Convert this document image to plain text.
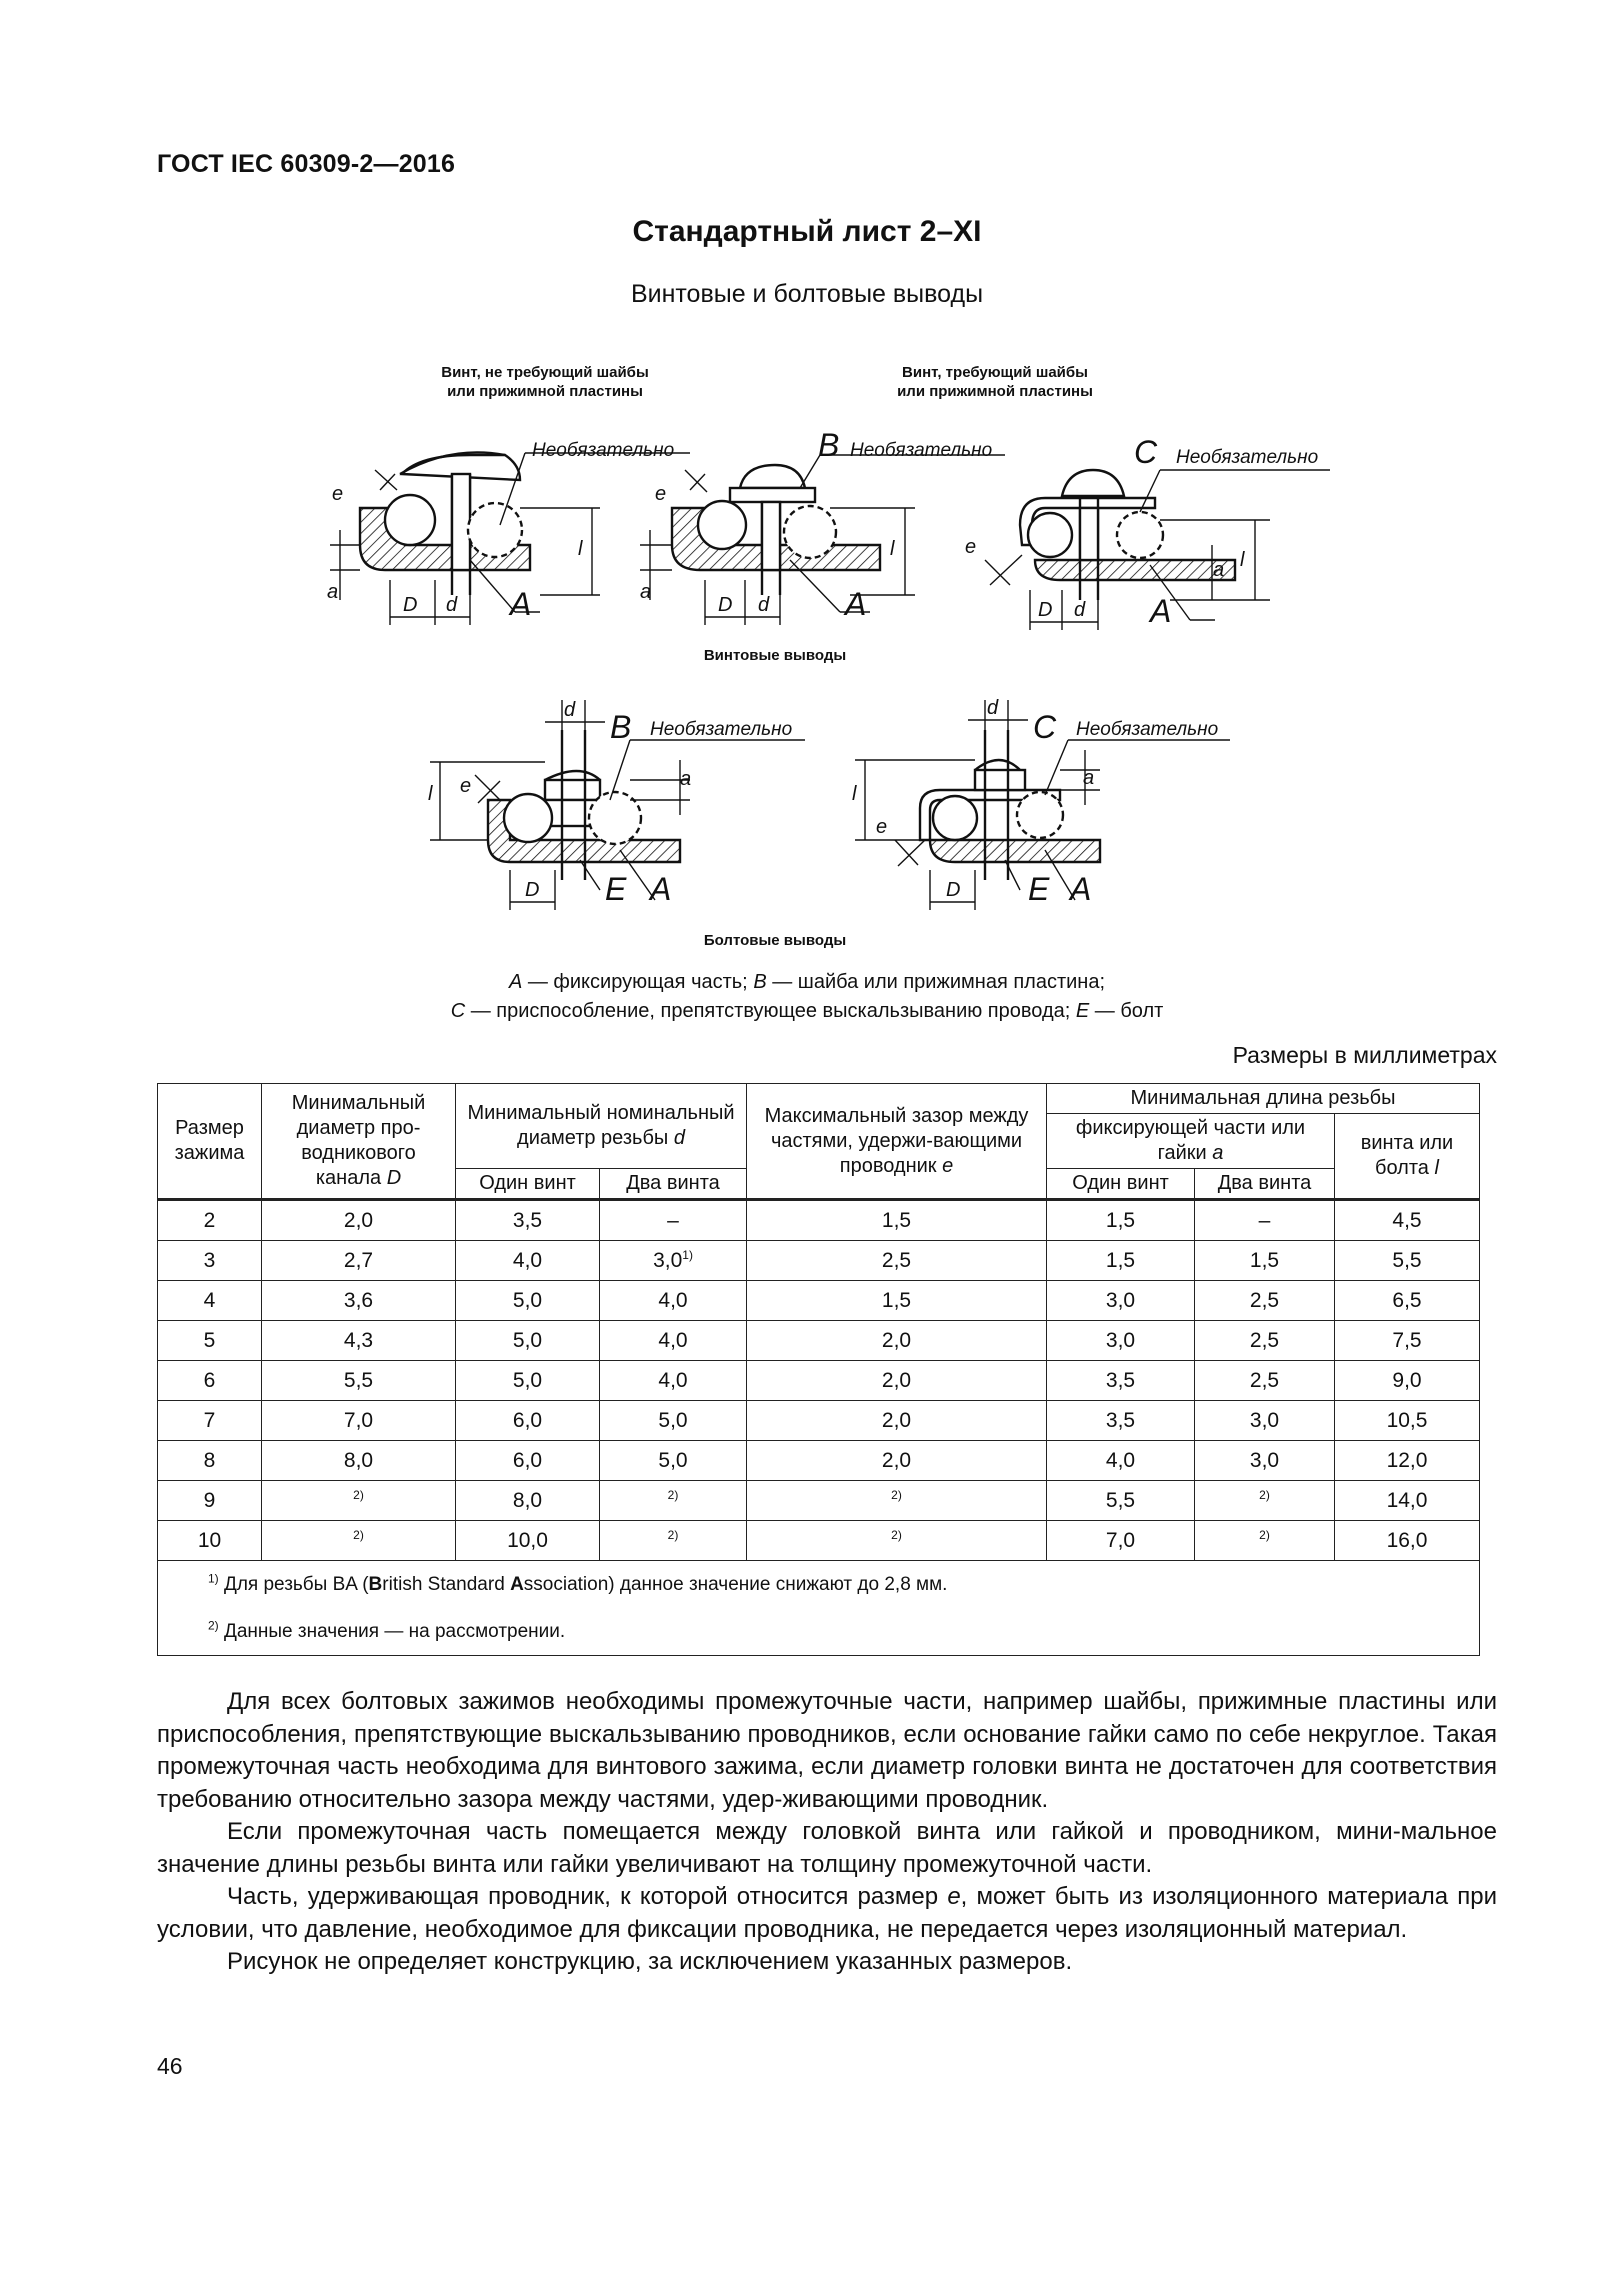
ГОСТ IEC 60309-2—2016
Стандартный лист 2–XI
Винтовые и болтовые выводы
Винт, не требующий шайбы
или прижимной пластины
Винт, требующий шайбы
или прижимной пластины
Винтовые выводы
Болтовые выводы
Необязательно	Необязательно	Необязательно
Необязательно	Необязательно
A	A	A
A	A
B
B
C
C
E	E
D d	D d	D d
D
d
D
d
e	e
e
e
e
a	a
a
a	a
l	l	l
l	l
A — фиксирующая часть; B — шайба или прижимная пластина;
C — приспособление, препятствующее выскальзыванию провода; E — болт
Размеры в миллиметрах
Размер зажима	Минимальный диаметр про-водникового канала D	Минимальный номинальный диаметр резьбы d		Максимальный зазор между частями, удержи-вающими проводник e	Минимальная длина резьбы		
					фиксирующей части или гайки a		винта или болта l
		Один винт	Два винта		Один винт	Два винта	
2	2,0	3,5	–	1,5	1,5	–	4,5
3	2,7	4,0	3,0$^{1)}$	2,5	1,5	1,5	5,5
4	3,6	5,0	4,0	1,5	3,0	2,5	6,5
5	4,3	5,0	4,0	2,0	3,0	2,5	7,5
6	5,5	5,0	4,0	2,0	3,5	2,5	9,0
7	7,0	6,0	5,0	2,0	3,5	3,0	10,5
8	8,0	6,0	5,0	2,0	4,0	3,0	12,0
9	$^{2)}$	8,0	$^{2)}$	$^{2)}$	5,5	$^{2)}$	14,0
10	$^{2)}$	10,0	$^{2)}$	$^{2)}$	7,0	$^{2)}$	16,0
$^{1)}$ Для резьбы BA (British Standard Association) данное значение снижают до 2,8 мм.							
$^{2)}$ Данные значения — на рассмотрении.							

Для всех болтовых зажимов необходимы промежуточные части, например шайбы, прижимные пластины или приспособления, препятствующие выскальзыванию проводников, если основание гайки само по себе некруглое. Такая промежуточная часть необходима для винтового зажима, если диаметр головки винта не достаточен для соответствия требованию относительно зазора между частями, удер-живающими проводник.

Если промежуточная часть помещается между головкой винта или гайкой и проводником, мини-мальное значение длины резьбы винта или гайки увеличивают на толщину промежуточной части.

Часть, удерживающая проводник, к которой относится размер e, может быть из изоляционного материала при условии, что давление, необходимое для фиксации проводника, не передается через изоляционный материал.

Рисунок не определяет конструкцию, за исключением указанных размеров.

46
